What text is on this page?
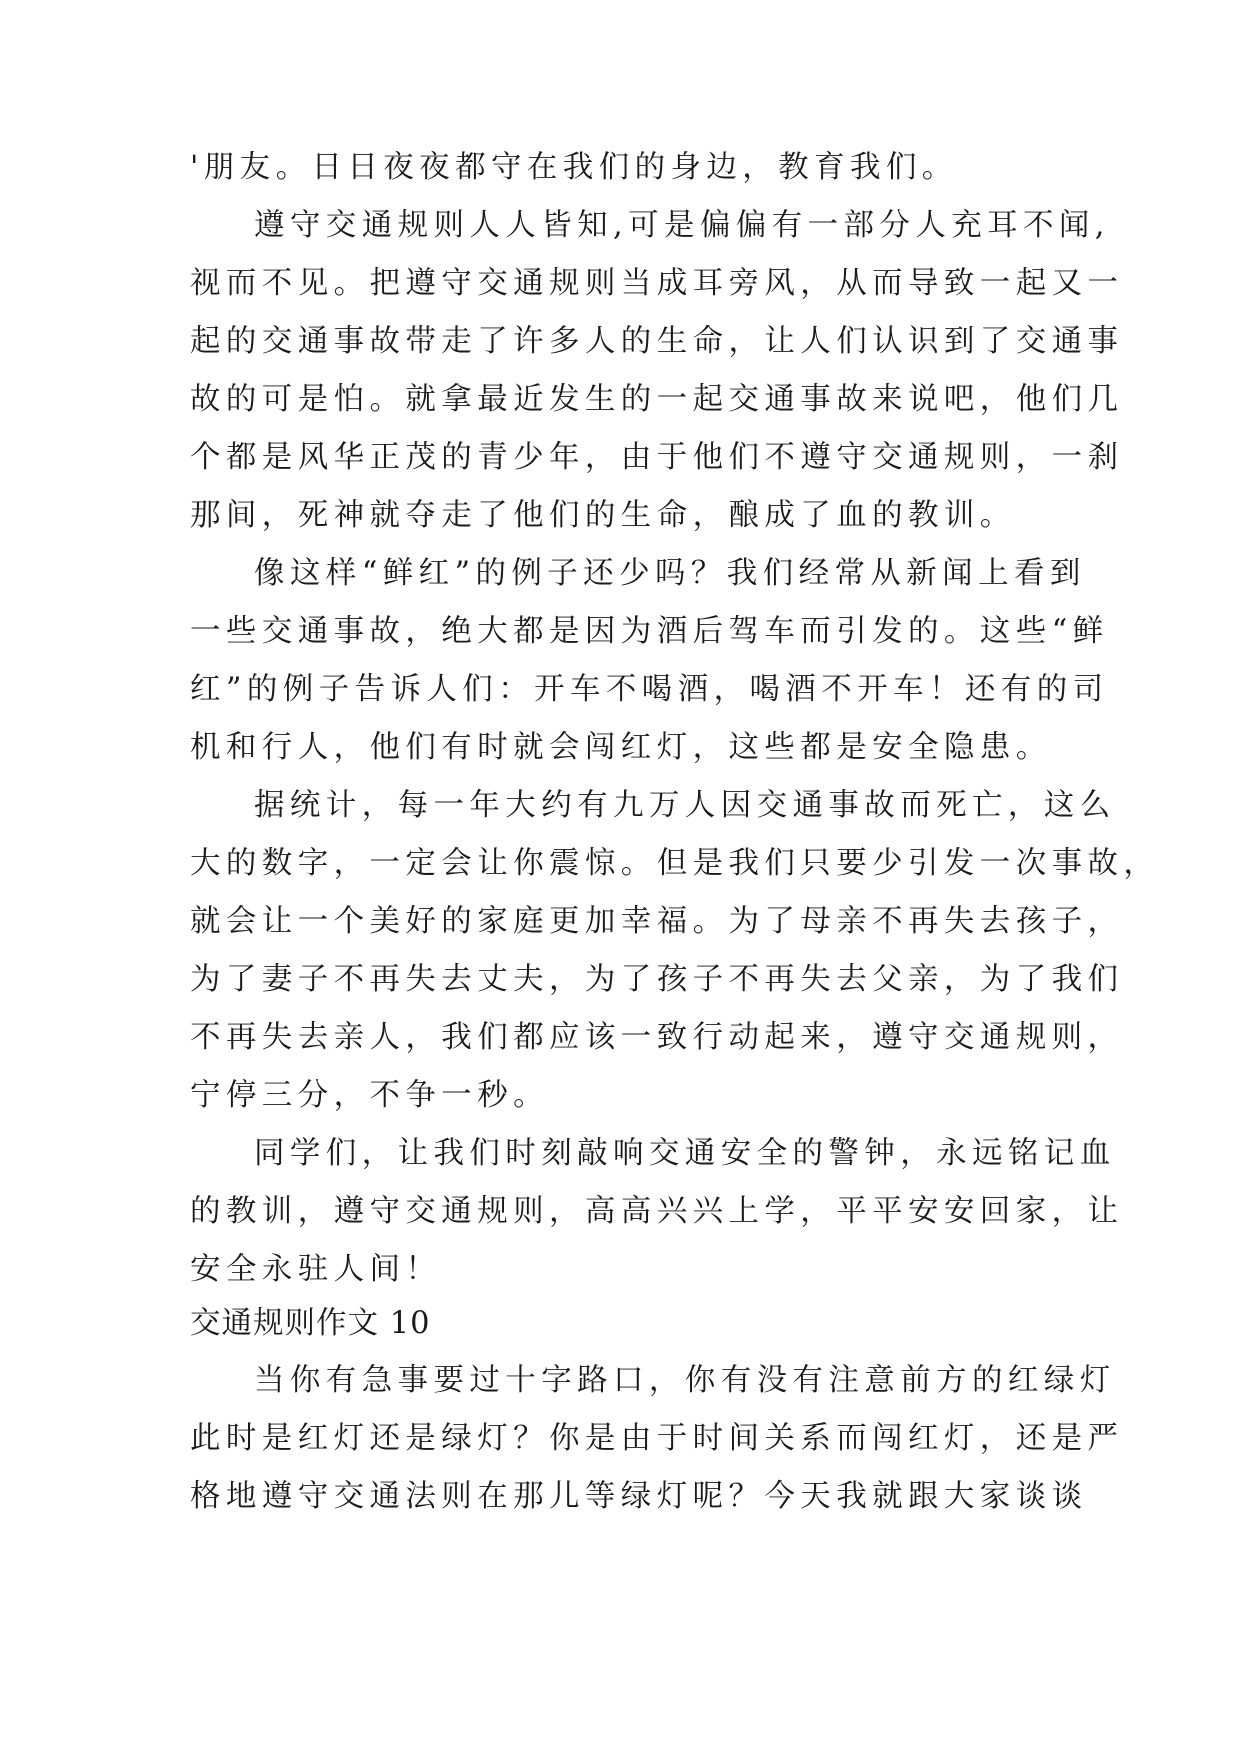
'朋友。日日夜夜都守在我们的身边，教育我们。
遵守交通规则人人皆知,可是偏偏有一部分人充耳不闻,
视而不见。把遵守交通规则当成耳旁风，从而导致一起又一
起的交通事故带走了许多人的生命，让人们认识到了交通事
故的可是怕。就拿最近发生的一起交通事故来说吧，他们几
个都是风华正茂的青少年，由于他们不遵守交通规则，一刹
那间，死神就夺走了他们的生命，酿成了血的教训。
像这样“鲜红”的例子还少吗？我们经常从新闻上看到
一些交通事故，绝大都是因为酒后驾车而引发的。这些“鲜
红”的例子告诉人们：开车不喝酒，喝酒不开车！还有的司
机和行人，他们有时就会闯红灯，这些都是安全隐患。
据统计，每一年大约有九万人因交通事故而死亡，这么
大的数字，一定会让你震惊。但是我们只要少引发一次事故，
就会让一个美好的家庭更加幸福。为了母亲不再失去孩子，
为了妻子不再失去丈夫，为了孩子不再失去父亲，为了我们
不再失去亲人，我们都应该一致行动起来，遵守交通规则，
宁停三分，不争一秒。
同学们，让我们时刻敲响交通安全的警钟，永远铭记血
的教训，遵守交通规则，高高兴兴上学，平平安安回家，让
安全永驻人间！
交通规则作文 10
当你有急事要过十字路口，你有没有注意前方的红绿灯
此时是红灯还是绿灯？你是由于时间关系而闯红灯，还是严
格地遵守交通法则在那儿等绿灯呢？今天我就跟大家谈谈
